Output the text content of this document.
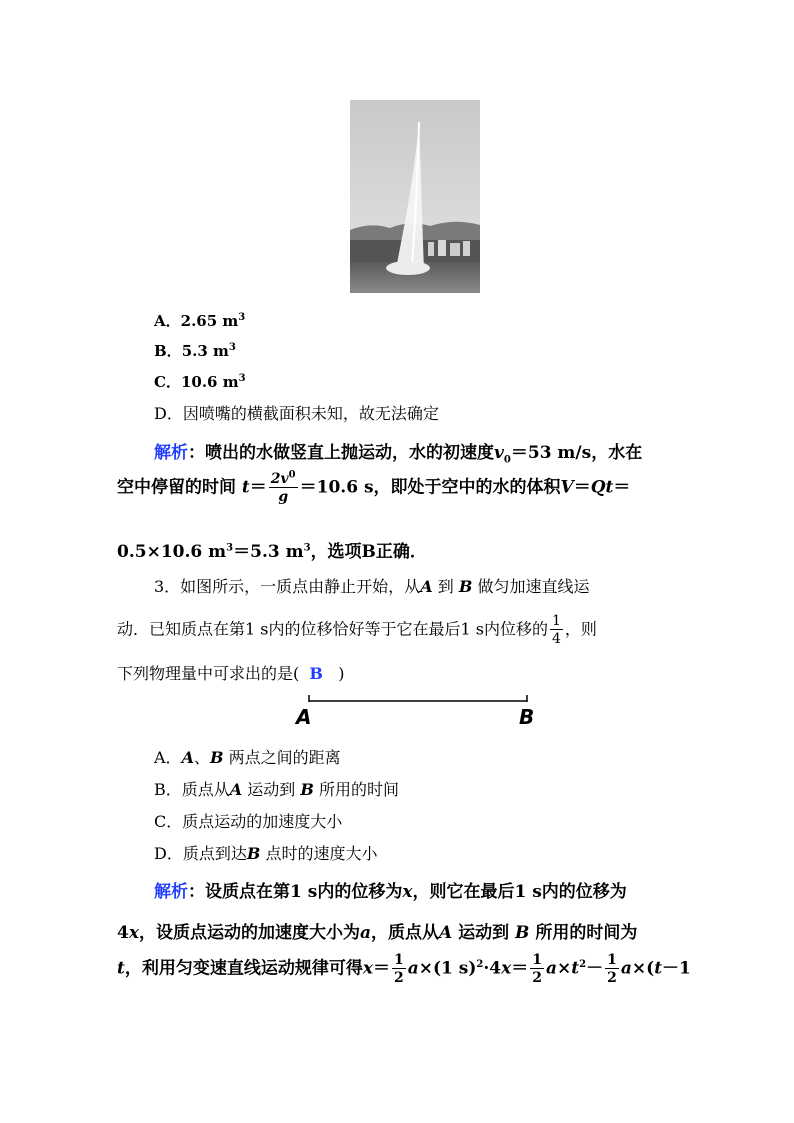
A．2.65 $m^3$
B．5.3 $m^3$
C．10.6 $m^3$
D．因喷嘴的横截面积未知，故无法确定
解析：喷出的水做竖直上抛运动，水的初速度$v_0=53$ m/s，水在
空中停留的时间 $t= \frac{2v^0}{g} =10.6$ s，即处于空中的水的体积V＝Qt＝
0.5×10.6 $m^3=5.3$ $m^3$，选项B正确．
3．如图所示，一质点由静止开始，从A 到 B 做匀加速直线运
动．已知质点在第1 s内的位移恰好等于它在最后1 s内位移的 $\frac{1}{4}$ ，则
下列物理量中可求出的是( B )
A	B
A．A、B 两点之间的距离
B．质点从A 运动到 B 所用的时间
C．质点运动的加速度大小
D．质点到达B 点时的速度大小
解析：设质点在第1 s内的位移为x，则它在最后1 s内的位移为
4x，设质点运动的加速度大小为a，质点从A 运动到 B 所用的时间为
t，利用匀变速直线运动规律可得$x= \frac{1}{2} a\times(1$ $s)^2\cdot 4x= \frac{1}{2} a\times t^2- \frac{1}{2} a\times(t-1$
